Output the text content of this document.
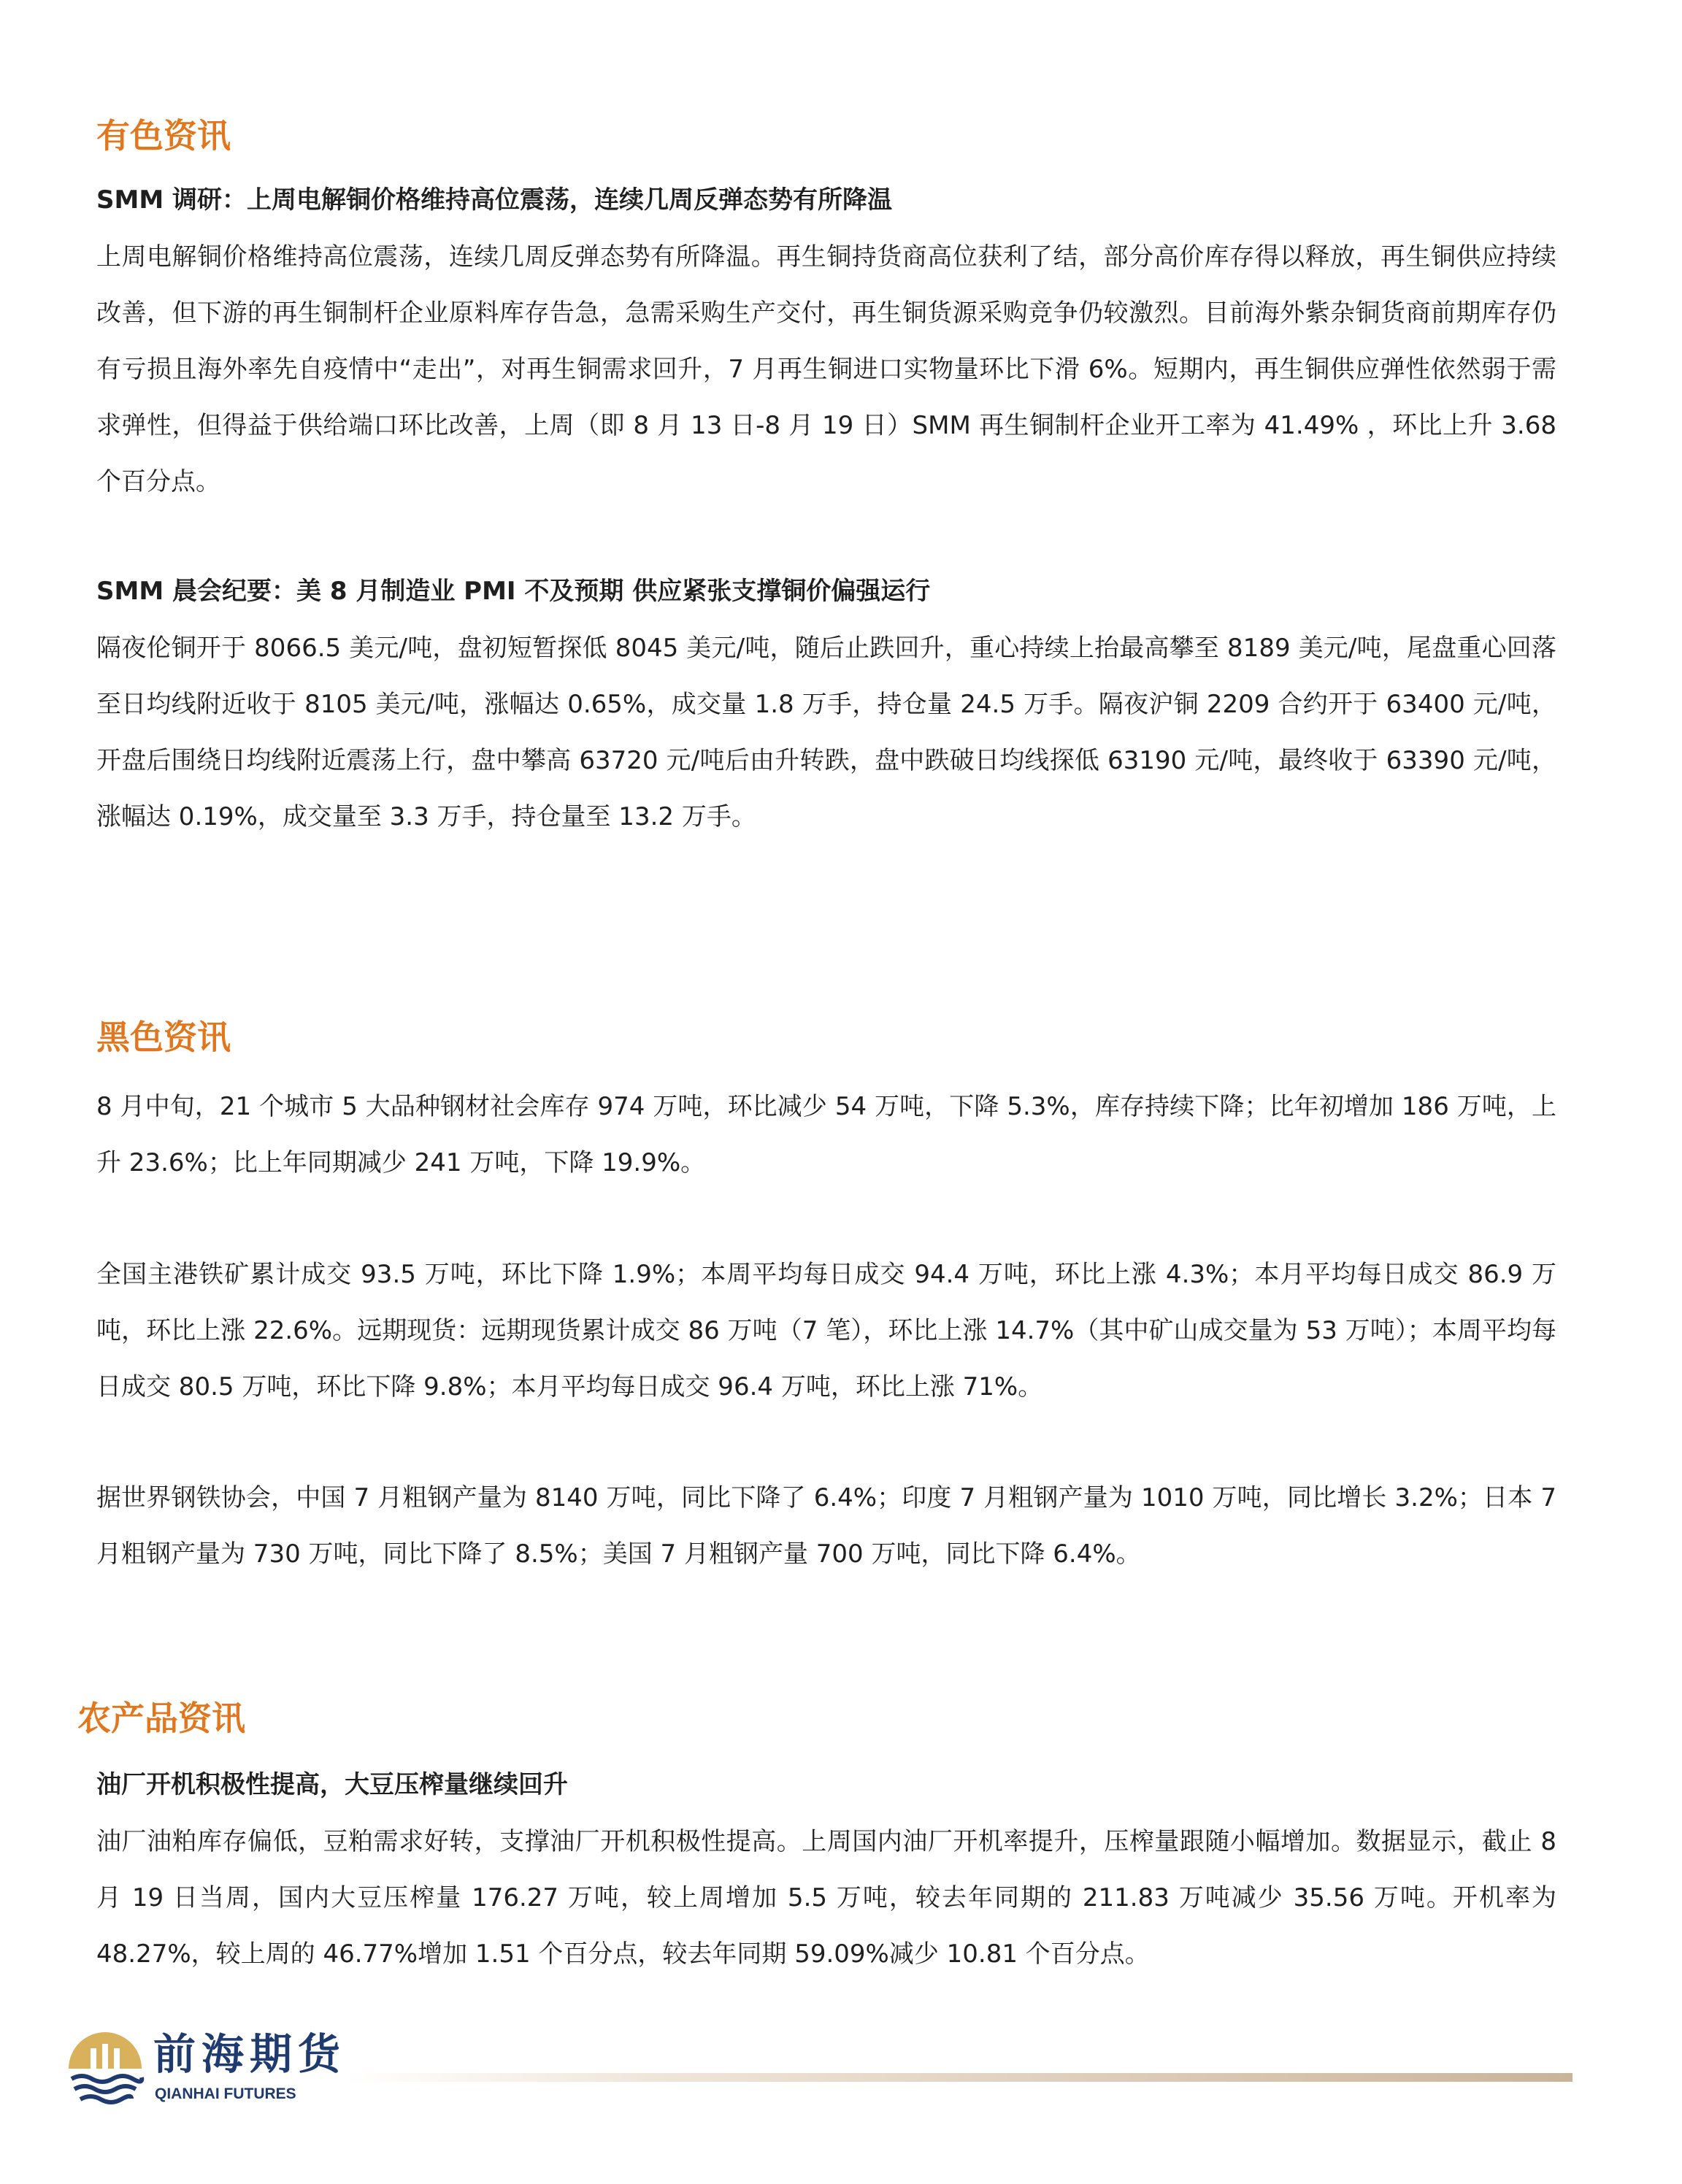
有色资讯
SMM 调研：上周电解铜价格维持高位震荡，连续几周反弹态势有所降温

上周电解铜价格维持高位震荡，连续几周反弹态势有所降温。再生铜持货商高位获利了结，部分高价库存得以释放，再生铜供应持续改善，但下游的再生铜制杆企业原料库存告急，急需采购生产交付，再生铜货源采购竞争仍较激烈。目前海外紫杂铜货商前期库存仍有亏损且海外率先自疫情中“走出”，对再生铜需求回升，7 月再生铜进口实物量环比下滑 6%。短期内，再生铜供应弹性依然弱于需求弹性，但得益于供给端口环比改善，上周（即 8 月 13 日-8 月 19 日）SMM 再生铜制杆企业开工率为 41.49% ，环比上升 3.68 个百分点。

SMM 晨会纪要：美 8 月制造业 PMI 不及预期 供应紧张支撑铜价偏强运行

隔夜伦铜开于 8066.5 美元/吨，盘初短暂探低 8045 美元/吨，随后止跌回升，重心持续上抬最高攀至 8189 美元/吨，尾盘重心回落至日均线附近收于 8105 美元/吨，涨幅达 0.65%，成交量 1.8 万手，持仓量 24.5 万手。隔夜沪铜 2209 合约开于 63400 元/吨，开盘后围绕日均线附近震荡上行，盘中攀高 63720 元/吨后由升转跌，盘中跌破日均线探低 63190 元/吨，最终收于 63390 元/吨，涨幅达 0.19%，成交量至 3.3 万手，持仓量至 13.2 万手。

黑色资讯

8 月中旬，21 个城市 5 大品种钢材社会库存 974 万吨，环比减少 54 万吨，下降 5.3%，库存持续下降；比年初增加 186 万吨，上升 23.6%；比上年同期减少 241 万吨，下降 19.9%。

全国主港铁矿累计成交 93.5 万吨，环比下降 1.9%；本周平均每日成交 94.4 万吨，环比上涨 4.3%；本月平均每日成交 86.9 万吨，环比上涨 22.6%。远期现货：远期现货累计成交 86 万吨（7 笔），环比上涨 14.7%（其中矿山成交量为 53 万吨）；本周平均每日成交 80.5 万吨，环比下降 9.8%；本月平均每日成交 96.4 万吨，环比上涨 71%。

据世界钢铁协会，中国 7 月粗钢产量为 8140 万吨，同比下降了 6.4%；印度 7 月粗钢产量为 1010 万吨，同比增长 3.2%；日本 7 月粗钢产量为 730 万吨，同比下降了 8.5%；美国 7 月粗钢产量 700 万吨，同比下降 6.4%。

农产品资讯
油厂开机积极性提高，大豆压榨量继续回升

油厂油粕库存偏低，豆粕需求好转，支撑油厂开机积极性提高。上周国内油厂开机率提升，压榨量跟随小幅增加。数据显示，截止 8 月 19 日当周，国内大豆压榨量 176.27 万吨，较上周增加 5.5 万吨，较去年同期的 211.83 万吨减少 35.56 万吨。开机率为 48.27%，较上周的 46.77%增加 1.51 个百分点，较去年同期 59.09%减少 10.81 个百分点。

前海期货
QIANHAI FUTURES
